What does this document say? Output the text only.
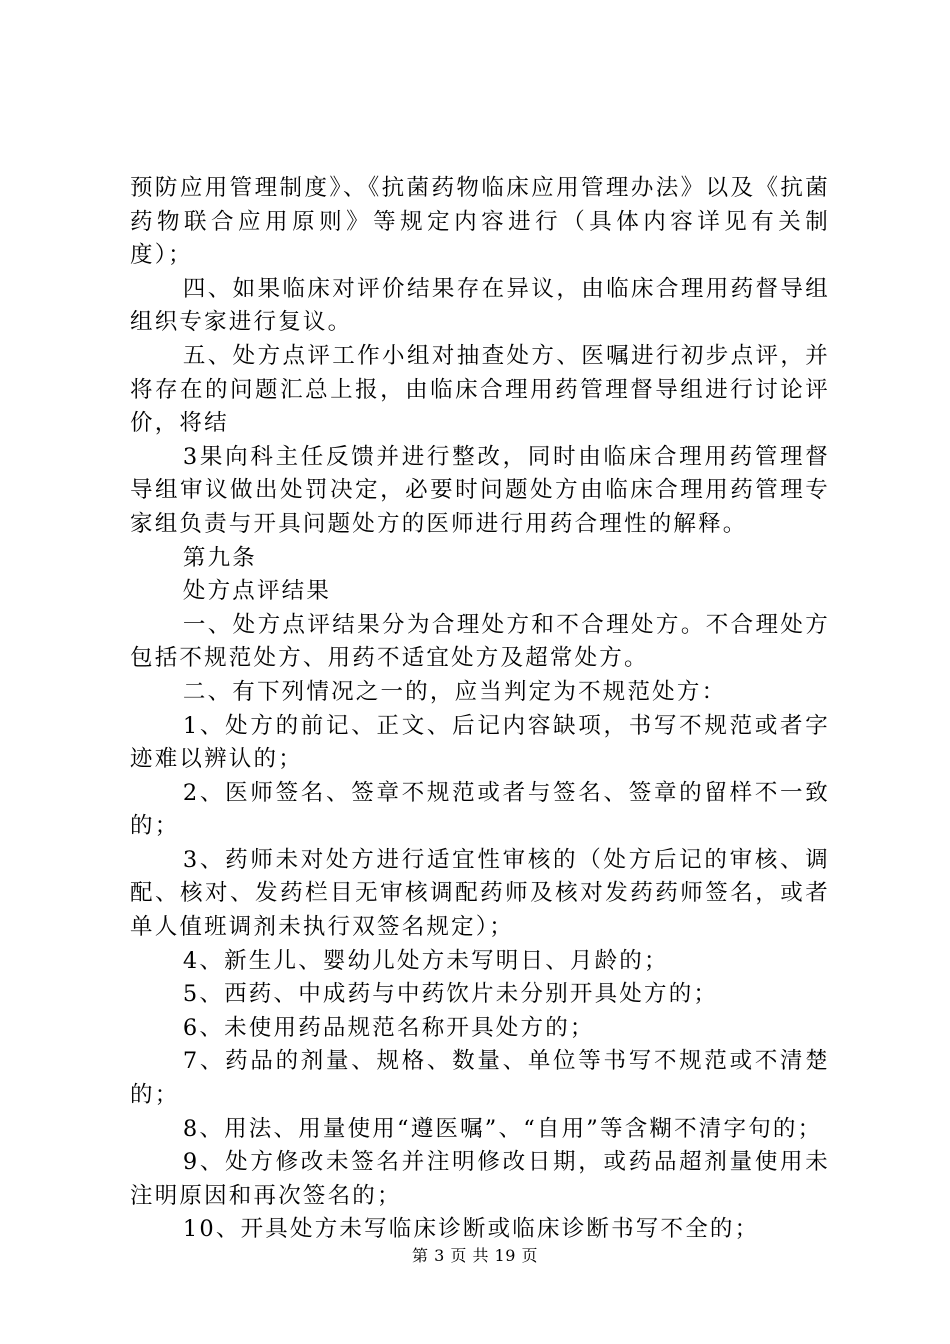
预防应用管理制度》、《抗菌药物临床应用管理办法》以及《抗菌药物联合应用原则》等规定内容进行（具体内容详见有关制度）；

四、如果临床对评价结果存在异议，由临床合理用药督导组组织专家进行复议。

五、处方点评工作小组对抽查处方、医嘱进行初步点评，并将存在的问题汇总上报，由临床合理用药管理督导组进行讨论评价，将结

3果向科主任反馈并进行整改，同时由临床合理用药管理督导组审议做出处罚决定，必要时问题处方由临床合理用药管理专家组负责与开具问题处方的医师进行用药合理性的解释。

第九条

处方点评结果

一、处方点评结果分为合理处方和不合理处方。不合理处方包括不规范处方、用药不适宜处方及超常处方。

二、有下列情况之一的，应当判定为不规范处方：

1、处方的前记、正文、后记内容缺项，书写不规范或者字迹难以辨认的；

2、医师签名、签章不规范或者与签名、签章的留样不一致的；

3、药师未对处方进行适宜性审核的（处方后记的审核、调配、核对、发药栏目无审核调配药师及核对发药药师签名，或者单人值班调剂未执行双签名规定）；

4、新生儿、婴幼儿处方未写明日、月龄的；

5、西药、中成药与中药饮片未分别开具处方的；

6、未使用药品规范名称开具处方的；

7、药品的剂量、规格、数量、单位等书写不规范或不清楚的；

8、用法、用量使用“遵医嘱”、“自用”等含糊不清字句的；

9、处方修改未签名并注明修改日期，或药品超剂量使用未注明原因和再次签名的；

10、开具处方未写临床诊断或临床诊断书写不全的；

第 3 页 共 19 页
